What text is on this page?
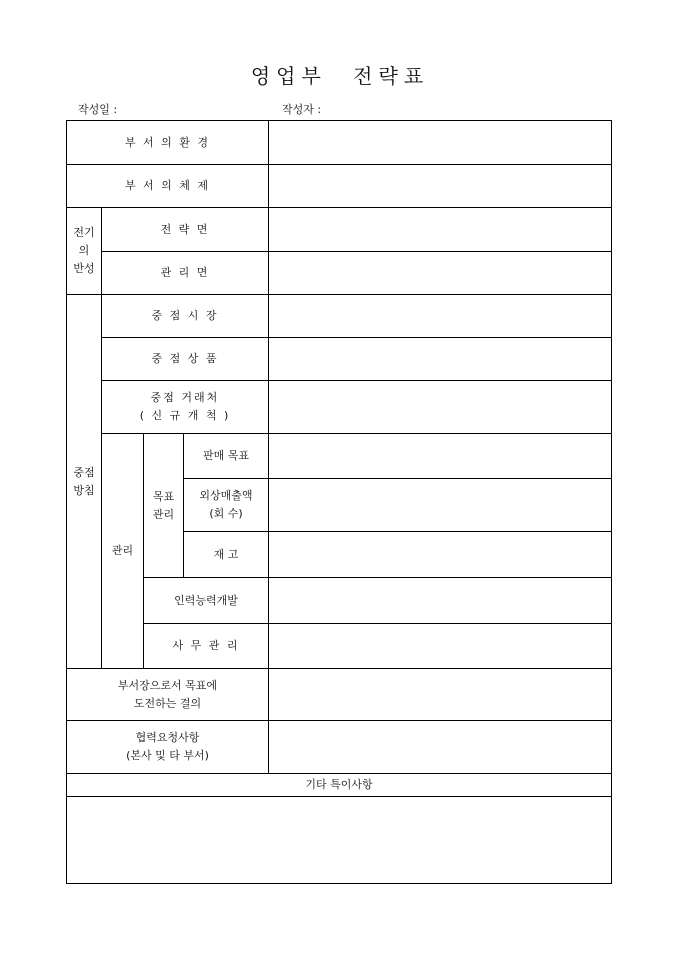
영업부 전략표
작성일 :	작성자 :
부 서 의 환 경
부 서 의 체 제
전기
의
반성
전 략 면
관 리 면
중점
방침
중 점 시 장
중 점 상 품
중점 거래처
( 신 규 개 척 )
관리
목표
관리
판매 목표
외상매출액
(회 수)
재 고
인력능력개발
사 무 관 리
부서장으로서 목표에
도전하는 결의
협력요청사항
(본사 및 타 부서)
기타 특이사항
